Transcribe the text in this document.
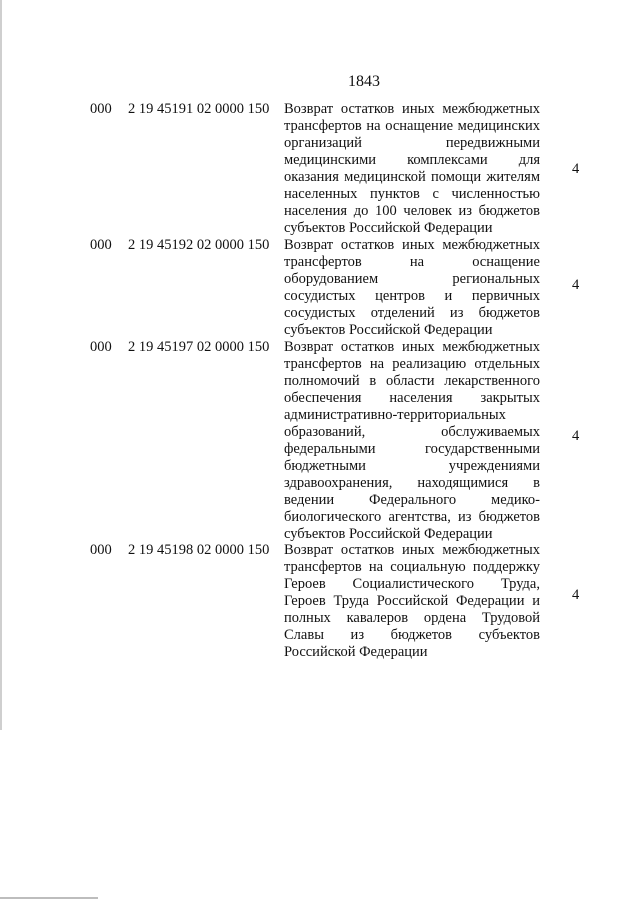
1843
000 2 19 45191 02 0000 150 Возврат остатков иных межбюджетных
трансфертов на оснащение медицинских
организаций передвижными
медицинскими комплексами для
оказания медицинской помощи жителям
населенных пунктов с численностью
населения до 100 человек из бюджетов
субъектов Российской Федерации
4
000 2 19 45192 02 0000 150 Возврат остатков иных межбюджетных
трансфертов на оснащение
оборудованием региональных
сосудистых центров и первичных
сосудистых отделений из бюджетов
субъектов Российской Федерации
4
000 2 19 45197 02 0000 150 Возврат остатков иных межбюджетных
трансфертов на реализацию отдельных
полномочий в области лекарственного
обеспечения населения закрытых
административно-территориальных
образований, обслуживаемых
федеральными государственными
бюджетными учреждениями
здравоохранения, находящимися в
ведении Федерального медико-
биологического агентства, из бюджетов
субъектов Российской Федерации
4
000 2 19 45198 02 0000 150 Возврат остатков иных межбюджетных
трансфертов на социальную поддержку
Героев Социалистического Труда,
Героев Труда Российской Федерации и
полных кавалеров ордена Трудовой
Славы из бюджетов субъектов
Российской Федерации
4
